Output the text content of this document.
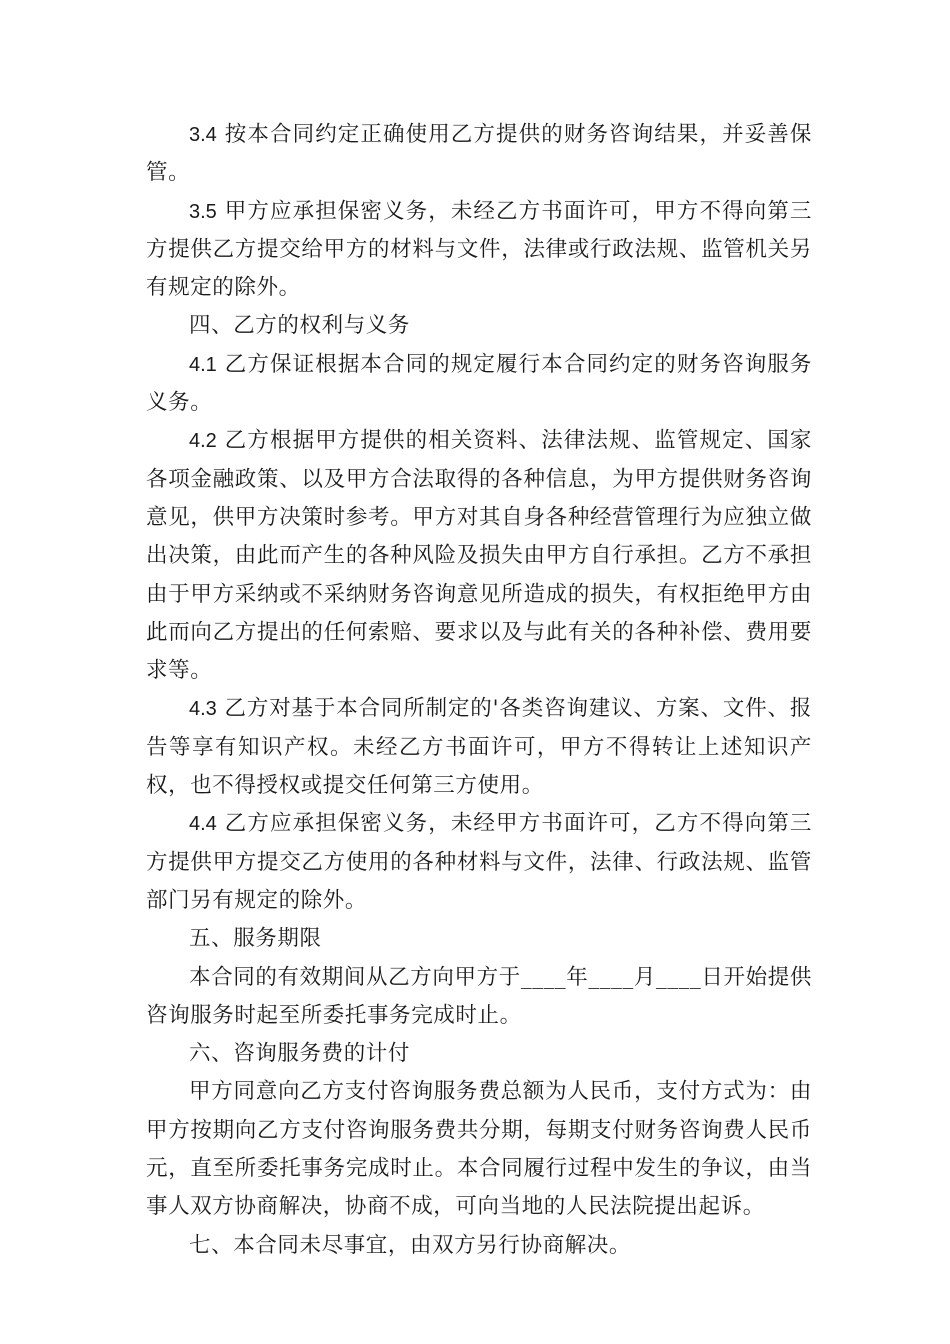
3.4 按本合同约定正确使用乙方提供的财务咨询结果，并妥善保管。

3.5 甲方应承担保密义务，未经乙方书面许可，甲方不得向第三方提供乙方提交给甲方的材料与文件，法律或行政法规、监管机关另有规定的除外。

四、乙方的权利与义务

4.1 乙方保证根据本合同的规定履行本合同约定的财务咨询服务义务。

4.2 乙方根据甲方提供的相关资料、法律法规、监管规定、国家各项金融政策、以及甲方合法取得的各种信息，为甲方提供财务咨询意见，供甲方决策时参考。甲方对其自身各种经营管理行为应独立做出决策，由此而产生的各种风险及损失由甲方自行承担。乙方不承担由于甲方采纳或不采纳财务咨询意见所造成的损失，有权拒绝甲方由此而向乙方提出的任何索赔、要求以及与此有关的各种补偿、费用要求等。

4.3 乙方对基于本合同所制定的'各类咨询建议、方案、文件、报告等享有知识产权。未经乙方书面许可，甲方不得转让上述知识产权，也不得授权或提交任何第三方使用。

4.4 乙方应承担保密义务，未经甲方书面许可，乙方不得向第三方提供甲方提交乙方使用的各种材料与文件，法律、行政法规、监管部门另有规定的除外。

五、服务期限

本合同的有效期间从乙方向甲方于____年____月____日开始提供咨询服务时起至所委托事务完成时止。

六、咨询服务费的计付

甲方同意向乙方支付咨询服务费总额为人民币，支付方式为：由甲方按期向乙方支付咨询服务费共分期，每期支付财务咨询费人民币元，直至所委托事务完成时止。本合同履行过程中发生的争议，由当事人双方协商解决，协商不成，可向当地的人民法院提出起诉。

七、本合同未尽事宜，由双方另行协商解决。
